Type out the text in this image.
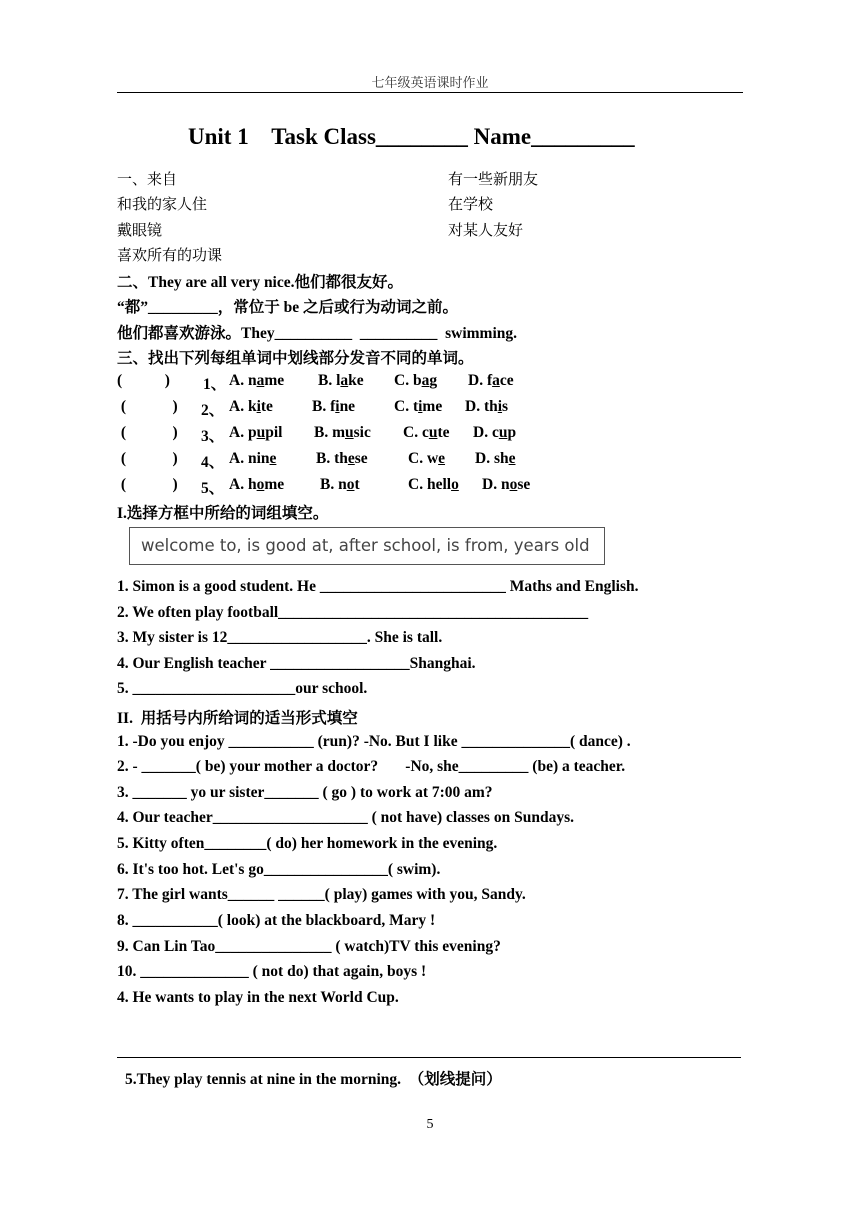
七年级英语课时作业
Unit 1    Task Class________ Name_________
一、来自	有一些新朋友
和我的家人住	在学校
戴眼镜	对某人友好
喜欢所有的功课
二、They are all very nice.他们都很友好。
“都”_________，常位于 be 之后或行为动词之前。
他们都喜欢游泳。They__________  __________  swimming.
三、找出下列每组单词中划线部分发音不同的单词。
(           ) 1、 A. name B. lake C. bag D. face
(            ) 2、 A. kite	B. fine	C. time D. this
(            ) 3、 A. pupil B. music C. cute D. cup
(            ) 4、 A. nine	B. these	C. we D. she
(            ) 5、 A. home B. not	C. hello D. nose
I.选择方框中所给的词组填空。
welcome to, is good at, after school, is from, years old
1. Simon is a good student. He ________________________ Maths and English.
2. We often play football________________________________________
3. My sister is 12__________________. She is tall.
4. Our English teacher __________________Shanghai.
5. _____________________our school.
II.  用括号内所给词的适当形式填空
1. -Do you enjoy ___________ (run)? -No. But I like ______________( dance) .
2. - _______( be) your mother a doctor?       -No, she_________ (be) a teacher.
3. _______ yo ur sister_______ ( go ) to work at 7:00 am?
4. Our teacher____________________ ( not have) classes on Sundays.
5. Kitty often________( do) her homework in the evening.
6. It's too hot. Let's go________________( swim).
7. The girl wants______ ______( play) games with you, Sandy.
8. ___________( look) at the blackboard, Mary !
9. Can Lin Tao_______________ ( watch)TV this evening?
10. ______________ ( not do) that again, boys !
4. He wants to play in the next World Cup.
5.They play tennis at nine in the morning.  （划线提问）
5
